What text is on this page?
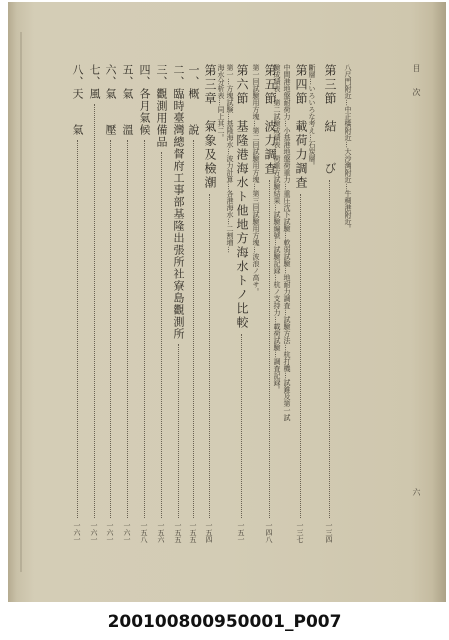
目　　次
六
八尺門附近…中正橋附近…大沙灣附近…牛稠港附近。
第三節　結　　び
一三四
斷層…いろいろな考え…石炭層。
第四節　載荷力調査
一三七
中間港地盤耐荷力…小基港地盤荷重力…重圧沈下試驗…軟弱試驗…地耐力調査…試驗方法…杭打機…試錐及第一試
驗成績表…第二試驗成績表…荷重方試驗結果…試驗編號…試驗記録…杭ノ支持力…載荷試驗…調査記録。
第五節　波力調査
一四八
第一回試驗用方塊…第二回試驗用方塊…第三回試驗用方塊…波浪ノ高サ。
第六節　基隆港海水ト他地方海水トノ比較
一五一
第一…方塊試験…基隆海水…波力計算…各港海水…二割増…
海水分析表…同上其二。
第三章　氣象及檢潮
一五四
一、概　　說
一五五
二、臨時臺灣總督府工事部基隆出張所社寮島觀測所
一五五
三、觀測用備品
一五六
四、各月氣候
一五八
五、氣　　溫
一六一
六、氣　　壓
一六一
七、風
一六一
八、天　　氣
一六一
200100800950001_P007
